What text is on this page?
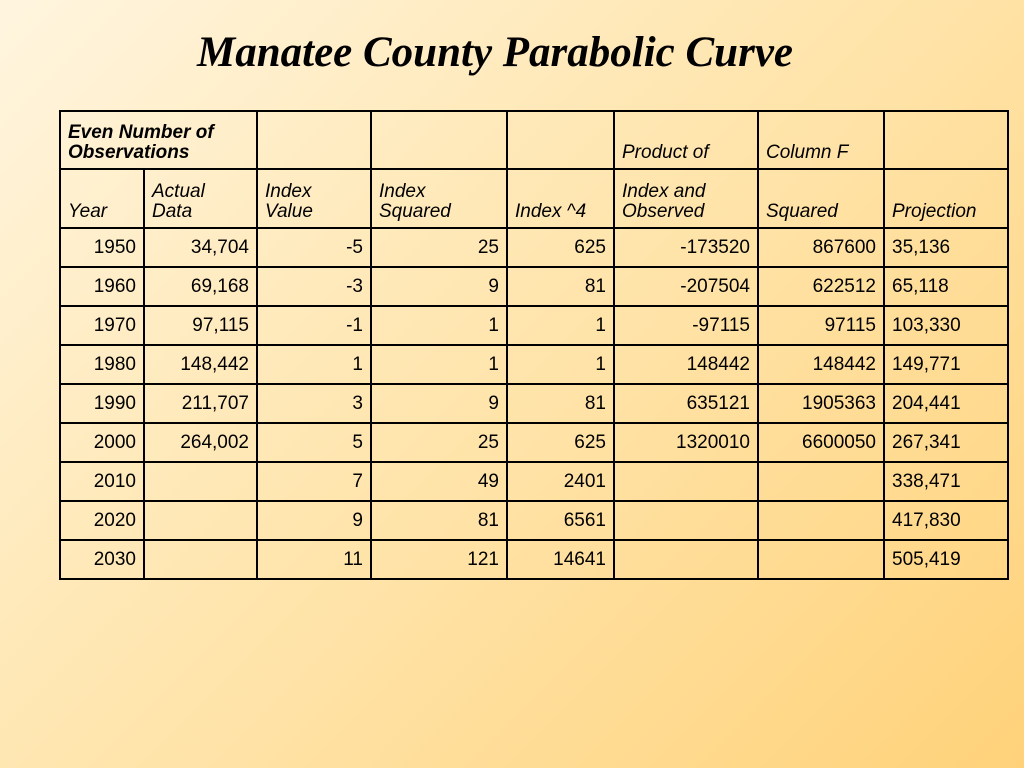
Manatee County Parabolic Curve
Even Number of Observations					Product of	Column F	
Year	Actual Data	Index Value	Index Squared	Index ^4	Index and Observed	Squared	Projection
1950	34,704	-5	25	625	-173520	867600	35,136
1960	69,168	-3	9	81	-207504	622512	65,118
1970	97,115	-1	1	1	-97115	97115	103,330
1980	148,442	1	1	1	148442	148442	149,771
1990	211,707	3	9	81	635121	1905363	204,441
2000	264,002	5	25	625	1320010	6600050	267,341
2010		7	49	2401			338,471
2020		9	81	6561			417,830
2030		11	121	14641			505,419
